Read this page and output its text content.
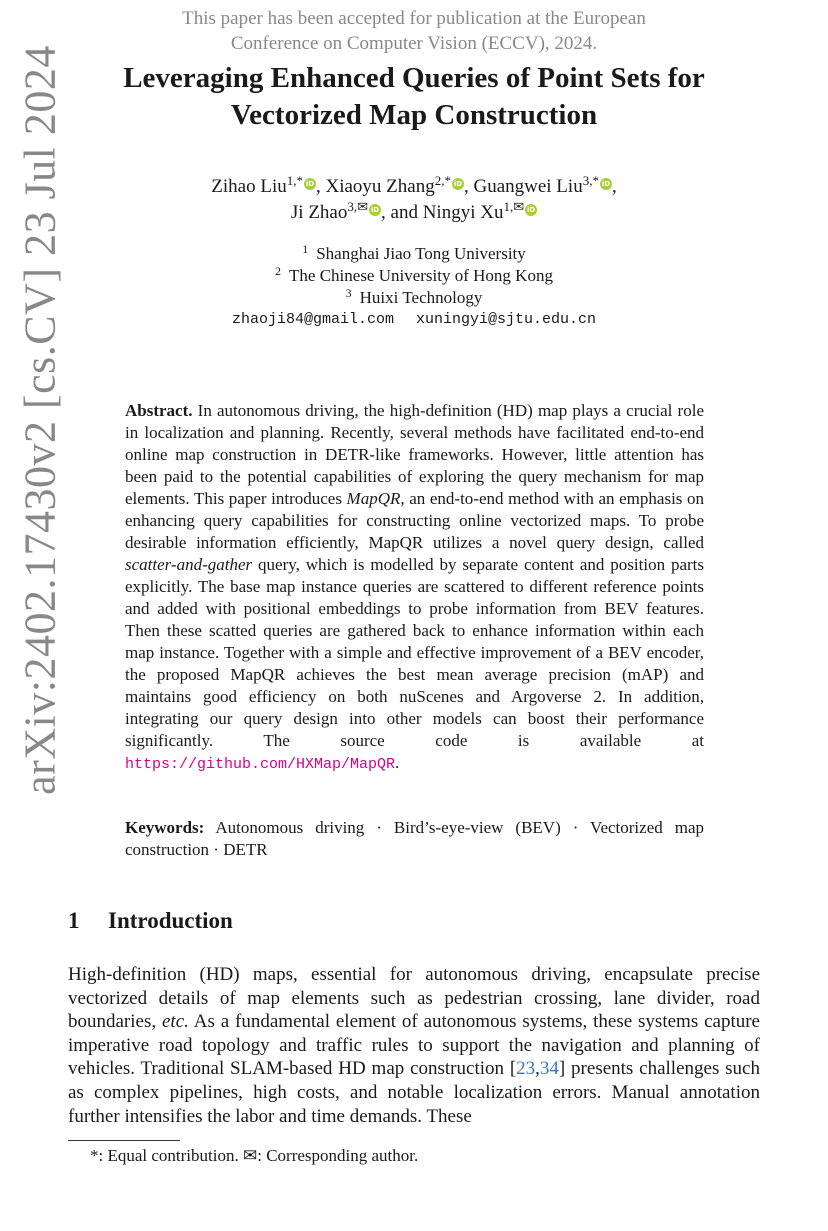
This paper has been accepted for publication at the European
Conference on Computer Vision (ECCV), 2024.
arXiv:2402.17430v2 [cs.CV] 23 Jul 2024	Leveraging Enhanced Queries of Point Sets for
Vectorized Map Construction
Zihao Liu$^{1,*}$ iD, Xiaoyu Zhang$^{2,*}$ iD, Guangwei Liu$^{3,*}$ iD,
Ji Zhao$^{3,✉}$ iD, and Ningyi $Xu^{1,✉}$ iD
$^1$ Shanghai Jiao Tong University
$^2$ The Chinese University of Hong Kong
$^3$ Huixi Technology
zhaoji84@gmail.com xuningyi@sjtu.edu.cn
Abstract. In autonomous driving, the high-definition (HD) map plays a crucial role in localization and planning. Recently, several methods have facilitated end-to-end online map construction in DETR-like frameworks. However, little attention has been paid to the potential capabilities of exploring the query mechanism for map elements. This paper introduces MapQR, an end-to-end method with an emphasis on enhancing query capabilities for constructing online vectorized maps. To probe desirable information efficiently, MapQR utilizes a novel query design, called scatter-and-gather query, which is modelled by separate content and position parts explicitly. The base map instance queries are scattered to different reference points and added with positional embeddings to probe information from BEV features. Then these scatted queries are gathered back to enhance information within each map instance. Together with a simple and effective improvement of a BEV encoder, the proposed MapQR achieves the best mean average precision (mAP) and maintains good efficiency on both nuScenes and Argoverse 2. In addition, integrating our query design into other models can boost their performance significantly. The source code is available at https://github.com/HXMap/MapQR.
Keywords: Autonomous driving · Bird’s-eye-view (BEV) · Vectorized map construction · DETR
1 Introduction
High-definition (HD) maps, essential for autonomous driving, encapsulate precise vectorized details of map elements such as pedestrian crossing, lane divider, road boundaries, etc. As a fundamental element of autonomous systems, these systems capture imperative road topology and traffic rules to support the navigation and planning of vehicles. Traditional SLAM-based HD map construction [23,34] presents challenges such as complex pipelines, high costs, and notable localization errors. Manual annotation further intensifies the labor and time demands. These
*: Equal contribution. ✉: Corresponding author.
